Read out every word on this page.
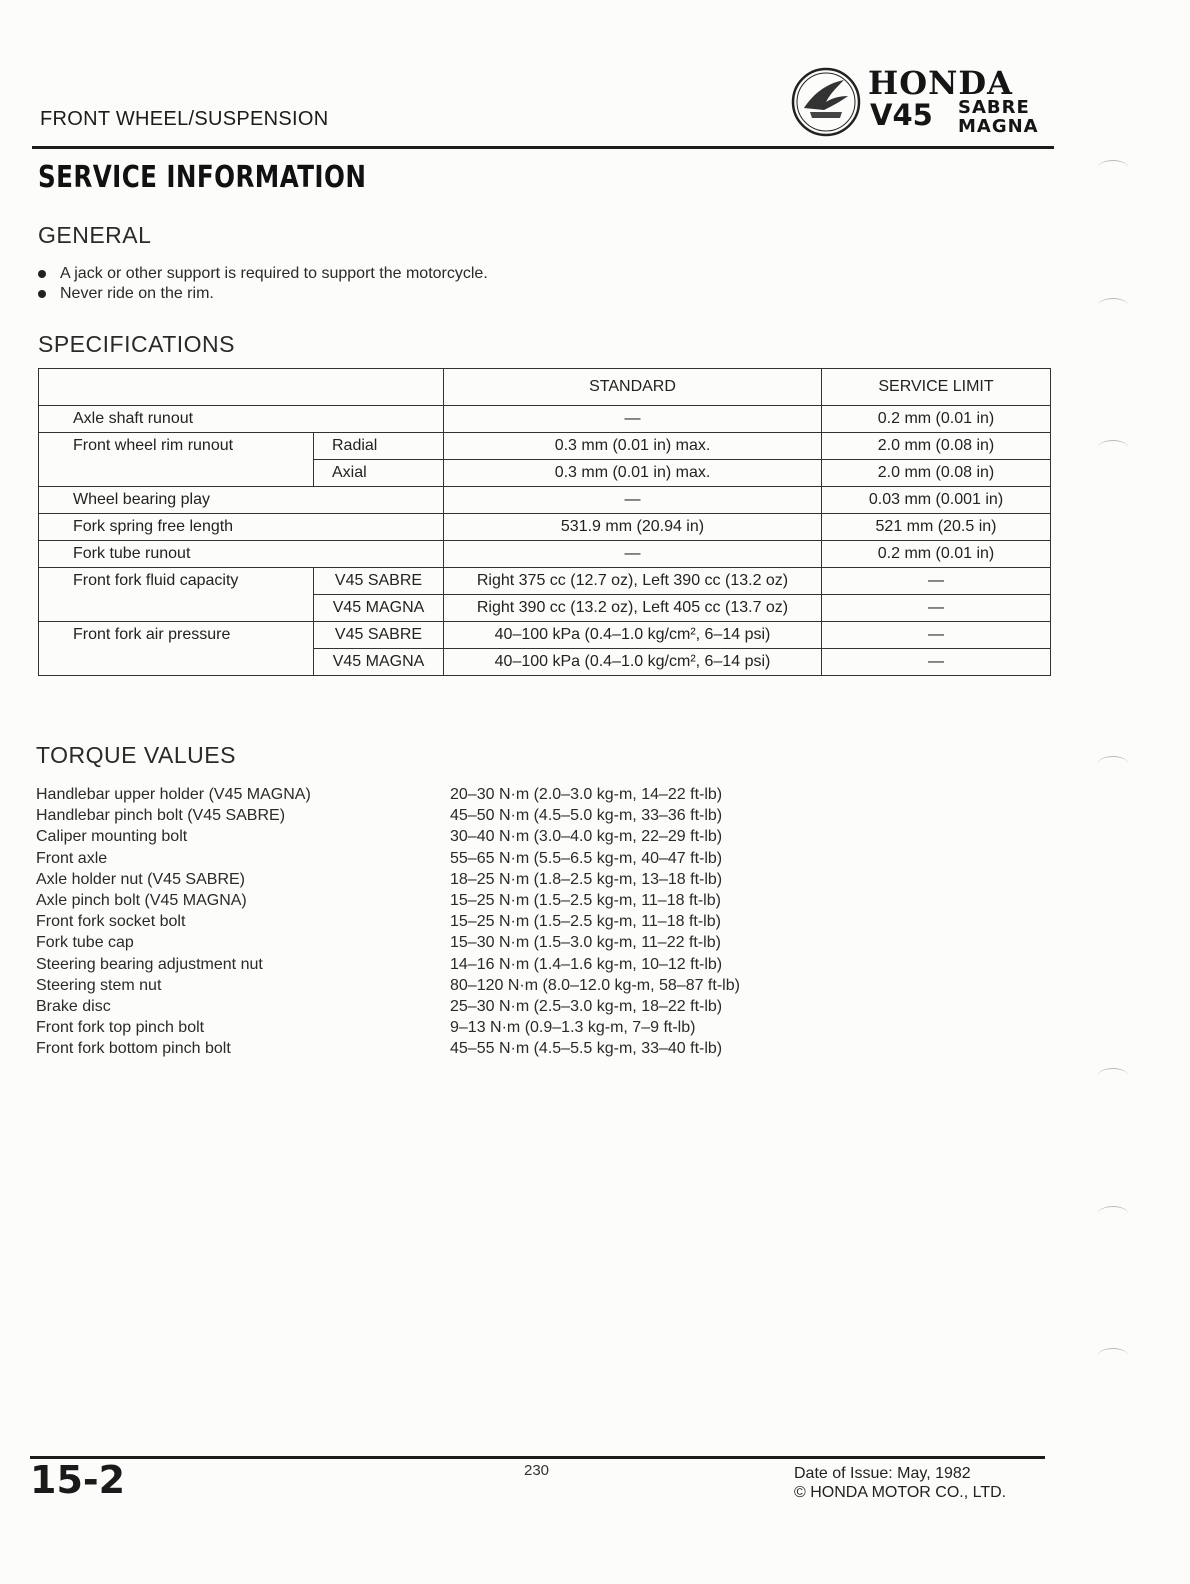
FRONT WHEEL/SUSPENSION
HONDA
V45 SABRE
MAGNA
SERVICE INFORMATION
GENERAL
A jack or other support is required to support the motorcycle.
Never ride on the rim.
SPECIFICATIONS
		STANDARD	SERVICE LIMIT
Axle shaft runout		—	0.2 mm (0.01 in)
Front wheel rim runout	Radial	0.3 mm (0.01 in) max.	2.0 mm (0.08 in)
	Axial	0.3 mm (0.01 in) max.	2.0 mm (0.08 in)
Wheel bearing play		—	0.03 mm (0.001 in)
Fork spring free length		531.9 mm (20.94 in)	521 mm (20.5 in)
Fork tube runout		—	0.2 mm (0.01 in)
Front fork fluid capacity	V45 SABRE	Right 375 cc (12.7 oz), Left 390 cc (13.2 oz)	—
	V45 MAGNA	Right 390 cc (13.2 oz), Left 405 cc (13.7 oz)	—
Front fork air pressure	V45 SABRE	40–100 kPa (0.4–1.0 kg/cm², 6–14 psi)	—
	V45 MAGNA	40–100 kPa (0.4–1.0 kg/cm², 6–14 psi)	—
TORQUE VALUES
Handlebar upper holder (V45 MAGNA)	20–30 N·m (2.0–3.0 kg-m, 14–22 ft-lb)
Handlebar pinch bolt (V45 SABRE)	45–50 N·m (4.5–5.0 kg-m, 33–36 ft-lb)
Caliper mounting bolt	30–40 N·m (3.0–4.0 kg-m, 22–29 ft-lb)
Front axle	55–65 N·m (5.5–6.5 kg-m, 40–47 ft-lb)
Axle holder nut (V45 SABRE)	18–25 N·m (1.8–2.5 kg-m, 13–18 ft-lb)
Axle pinch bolt (V45 MAGNA)	15–25 N·m (1.5–2.5 kg-m, 11–18 ft-lb)
Front fork socket bolt	15–25 N·m (1.5–2.5 kg-m, 11–18 ft-lb)
Fork tube cap	15–30 N·m (1.5–3.0 kg-m, 11–22 ft-lb)
Steering bearing adjustment nut	14–16 N·m (1.4–1.6 kg-m, 10–12 ft-lb)
Steering stem nut	80–120 N·m (8.0–12.0 kg-m, 58–87 ft-lb)
Brake disc	25–30 N·m (2.5–3.0 kg-m, 18–22 ft-lb)
Front fork top pinch bolt	9–13 N·m (0.9–1.3 kg-m, 7–9 ft-lb)
Front fork bottom pinch bolt	45–55 N·m (4.5–5.5 kg-m, 33–40 ft-lb)
15-2	230	Date of Issue: May, 1982
© HONDA MOTOR CO., LTD.
